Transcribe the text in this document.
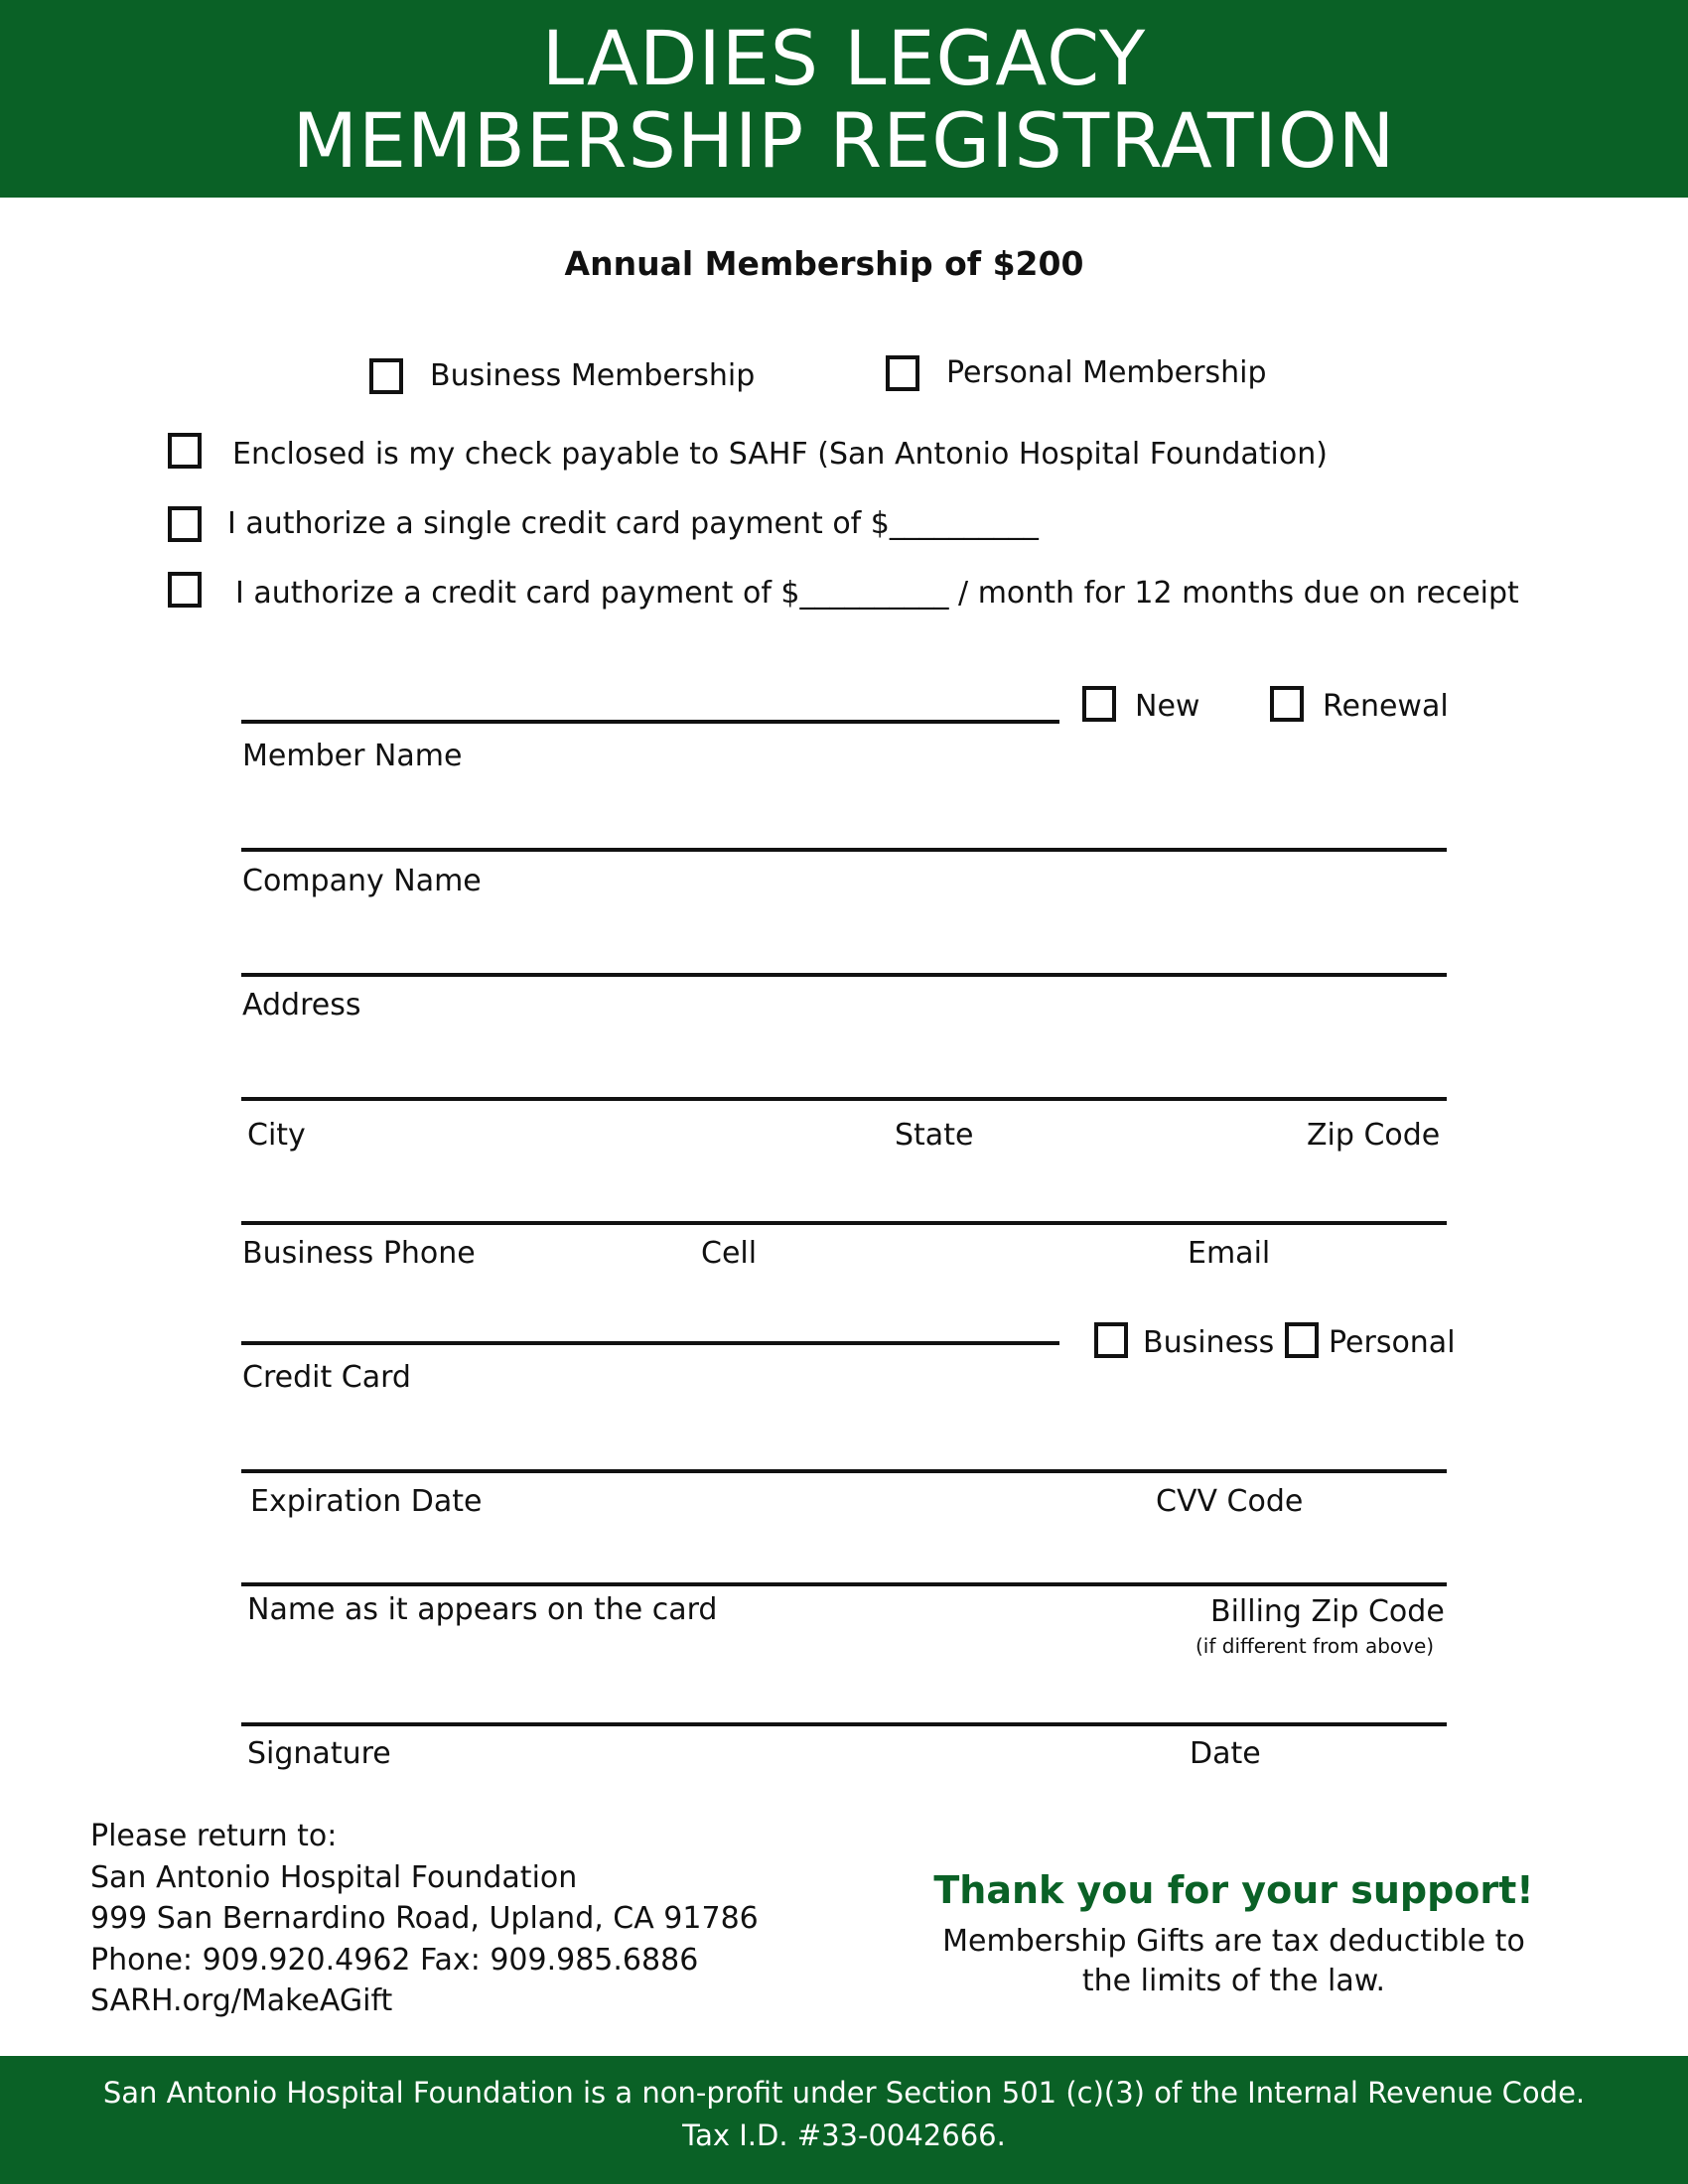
LADIES LEGACY
MEMBERSHIP REGISTRATION
Annual Membership of $200
Business Membership	Personal Membership
Enclosed is my check payable to SAHF (San Antonio Hospital Foundation)
I authorize a single credit card payment of $__________
I authorize a credit card payment of $__________ / month for 12 months due on receipt
Member Name
New	Renewal
Company Name
Address
City	State	Zip Code
Business Phone	Cell	Email
Credit Card
Business Personal
Expiration Date	CVV Code
Name as it appears on the card	Billing Zip Code
(if different from above)
Signature	Date
Please return to:
San Antonio Hospital Foundation
999 San Bernardino Road, Upland, CA 91786
Phone: 909.920.4962 Fax: 909.985.6886
SARH.org/MakeAGift
Thank you for your support!
Membership Gifts are tax deductible to
the limits of the law.
San Antonio Hospital Foundation is a non-profit under Section 501 (c)(3) of the Internal Revenue Code.
Tax I.D. #33-0042666.
